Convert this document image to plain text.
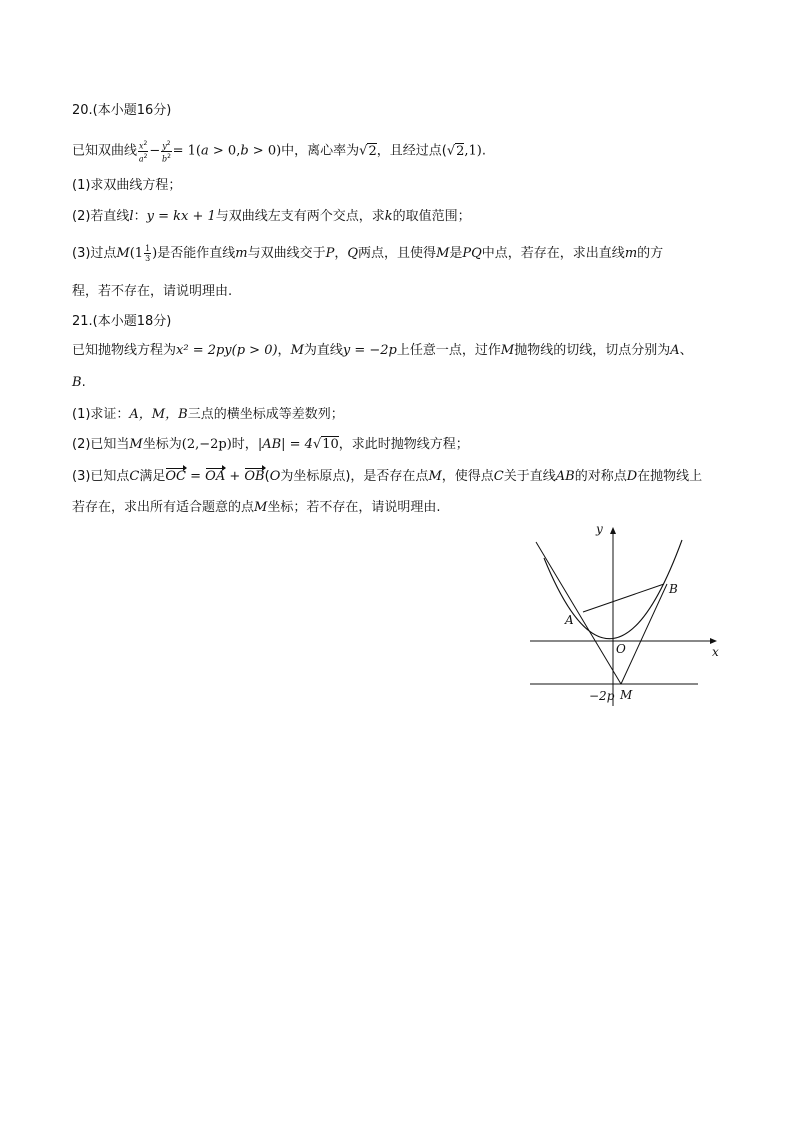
20.(本小题16分)
已知双曲线 $\frac{x^2}{a^2} - \frac{y^2}{b^2} = 1(a > 0,b > 0)$中，离心率为√2，且经过点(√2,1).
(1)求双曲线方程；
(2)若直线l：y = kx + 1与双曲线左支有两个交点，求k的取值范围；
(3)过点$M(1 \frac{1}{3}$ )是否能作直线m与双曲线交于P，Q两点，且使得M是PQ中点，若存在，求出直线m的方
程，若不存在，请说明理由.
21.(本小题18分)
已知抛物线方程为x² = 2py(p > 0)，M为直线y = −2p上任意一点，过作M抛物线的切线，切点分别为A、
B.
(1)求证：A，M，B三点的横坐标成等差数列；
(2)已知当M坐标为(2,−2p)时，|AB| = 4√10，求此时抛物线方程；
(3)已知点C满足OC = OA + OB(O为坐标原点)，是否存在点M，使得点C关于直线AB的对称点D在抛物线上
若存在，求出所有适合题意的点M坐标；若不存在，请说明理由.
y
x
A
B
O
M
−2p
